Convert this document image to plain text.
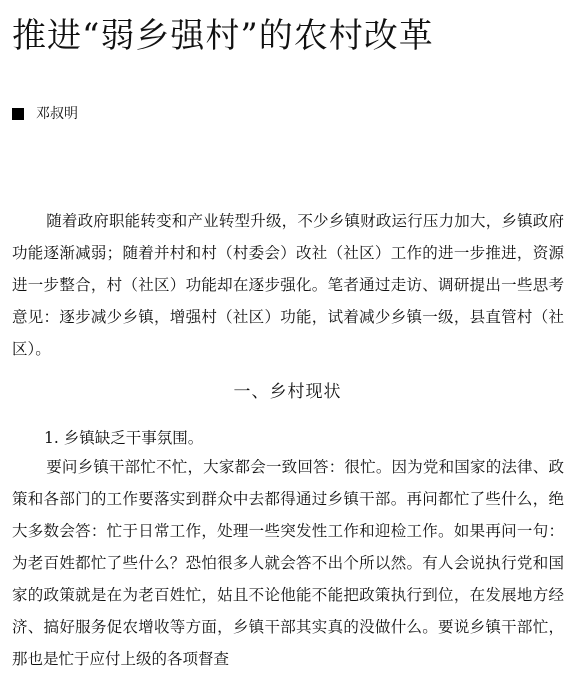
推进“弱乡强村”的农村改革
邓叔明

随着政府职能转变和产业转型升级，不少乡镇财政运行压力加大，乡镇政府功能逐渐减弱；随着并村和村（村委会）改社（社区）工作的进一步推进，资源进一步整合，村（社区）功能却在逐步强化。笔者通过走访、调研提出一些思考意见：逐步减少乡镇，增强村（社区）功能，试着减少乡镇一级，县直管村（社区）。

一、乡村现状
1. 乡镇缺乏干事氛围。

要问乡镇干部忙不忙，大家都会一致回答：很忙。因为党和国家的法律、政策和各部门的工作要落实到群众中去都得通过乡镇干部。再问都忙了些什么，绝大多数会答：忙于日常工作，处理一些突发性工作和迎检工作。如果再问一句：为老百姓都忙了些什么？恐怕很多人就会答不出个所以然。有人会说执行党和国家的政策就是在为老百姓忙，姑且不论他能不能把政策执行到位，在发展地方经济、搞好服务促农增收等方面，乡镇干部其实真的没做什么。要说乡镇干部忙，那也是忙于应付上级的各项督查
